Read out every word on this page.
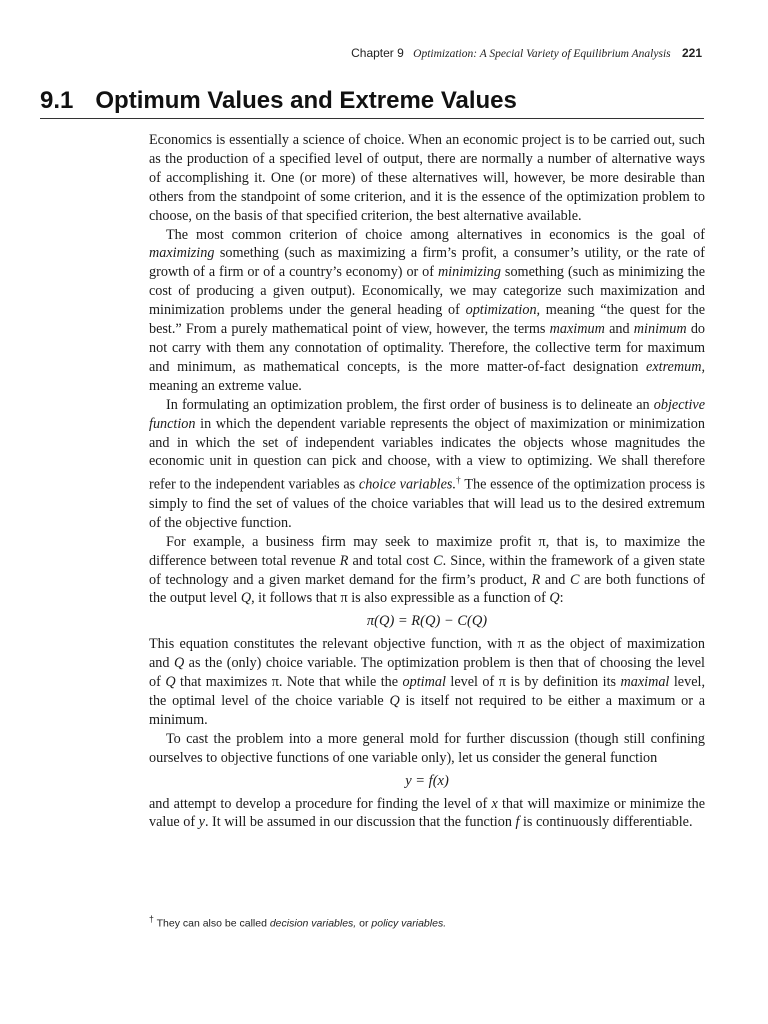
Chapter 9 Optimization: A Special Variety of Equilibrium Analysis 221
9.1 Optimum Values and Extreme Values

Economics is essentially a science of choice. When an economic project is to be carried out, such as the production of a specified level of output, there are normally a number of alternative ways of accomplishing it. One (or more) of these alternatives will, however, be more desirable than others from the standpoint of some criterion, and it is the essence of the optimization problem to choose, on the basis of that specified criterion, the best alternative available.

The most common criterion of choice among alternatives in economics is the goal of maximizing something (such as maximizing a firm’s profit, a consumer’s utility, or the rate of growth of a firm or of a country’s economy) or of minimizing something (such as minimizing the cost of producing a given output). Economically, we may categorize such maximization and minimization problems under the general heading of optimization, meaning “the quest for the best.” From a purely mathematical point of view, however, the terms maximum and minimum do not carry with them any connotation of optimality. Therefore, the collective term for maximum and minimum, as mathematical concepts, is the more matter-of-fact designation extremum, meaning an extreme value.

In formulating an optimization problem, the first order of business is to delineate an objective function in which the dependent variable represents the object of maximization or minimization and in which the set of independent variables indicates the objects whose magnitudes the economic unit in question can pick and choose, with a view to optimizing. We shall therefore refer to the independent variables as choice variables.† The essence of the optimization process is simply to find the set of values of the choice variables that will lead us to the desired extremum of the objective function.

For example, a business firm may seek to maximize profit π, that is, to maximize the difference between total revenue R and total cost C. Since, within the framework of a given state of technology and a given market demand for the firm’s product, R and C are both functions of the output level Q, it follows that π is also expressible as a function of Q:

π(Q) = R(Q) − C(Q)

This equation constitutes the relevant objective function, with π as the object of maximization and Q as the (only) choice variable. The optimization problem is then that of choosing the level of Q that maximizes π. Note that while the optimal level of π is by definition its maximal level, the optimal level of the choice variable Q is itself not required to be either a maximum or a minimum.

To cast the problem into a more general mold for further discussion (though still confining ourselves to objective functions of one variable only), let us consider the general function

y = f(x)

and attempt to develop a procedure for finding the level of x that will maximize or minimize the value of y. It will be assumed in our discussion that the function f is continuously differentiable.

† They can also be called decision variables, or policy variables.
